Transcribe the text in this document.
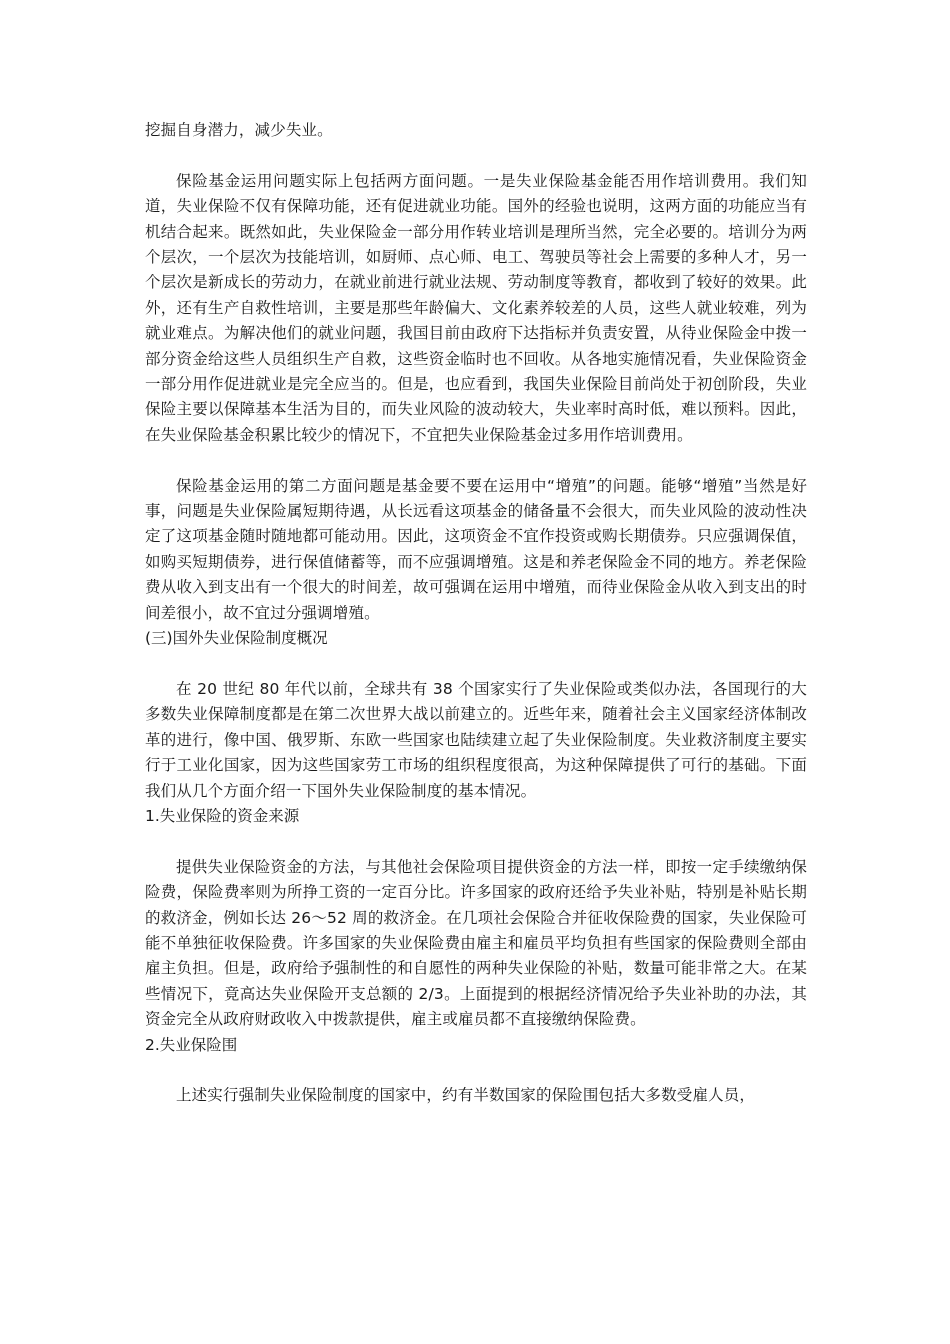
挖掘自身潜力，减少失业。

保险基金运用问题实际上包括两方面问题。一是失业保险基金能否用作培训费用。我们知道，失业保险不仅有保障功能，还有促进就业功能。国外的经验也说明，这两方面的功能应当有机结合起来。既然如此，失业保险金一部分用作转业培训是理所当然，完全必要的。培训分为两个层次，一个层次为技能培训，如厨师、点心师、电工、驾驶员等社会上需要的多种人才，另一个层次是新成长的劳动力，在就业前进行就业法规、劳动制度等教育，都收到了较好的效果。此外，还有生产自救性培训，主要是那些年龄偏大、文化素养较差的人员，这些人就业较难，列为就业难点。为解决他们的就业问题，我国目前由政府下达指标并负责安置，从待业保险金中拨一部分资金给这些人员组织生产自救，这些资金临时也不回收。从各地实施情况看，失业保险资金一部分用作促进就业是完全应当的。但是，也应看到，我国失业保险目前尚处于初创阶段，失业保险主要以保障基本生活为目的，而失业风险的波动较大，失业率时高时低，难以预料。因此，在失业保险基金积累比较少的情况下，不宜把失业保险基金过多用作培训费用。

保险基金运用的第二方面问题是基金要不要在运用中“增殖”的问题。能够“增殖”当然是好事，问题是失业保险属短期待遇，从长远看这项基金的储备量不会很大，而失业风险的波动性决定了这项基金随时随地都可能动用。因此，这项资金不宜作投资或购长期债券。只应强调保值，如购买短期债券，进行保值储蓄等，而不应强调增殖。这是和养老保险金不同的地方。养老保险费从收入到支出有一个很大的时间差，故可强调在运用中增殖，而待业保险金从收入到支出的时间差很小，故不宜过分强调增殖。

(三)国外失业保险制度概况

在 20 世纪 80 年代以前，全球共有 38 个国家实行了失业保险或类似办法，各国现行的大多数失业保障制度都是在第二次世界大战以前建立的。近些年来，随着社会主义国家经济体制改革的进行，像中国、俄罗斯、东欧一些国家也陆续建立起了失业保险制度。失业救济制度主要实行于工业化国家，因为这些国家劳工市场的组织程度很高，为这种保障提供了可行的基础。下面我们从几个方面介绍一下国外失业保险制度的基本情况。

1.失业保险的资金来源

提供失业保险资金的方法，与其他社会保险项目提供资金的方法一样，即按一定手续缴纳保险费，保险费率则为所挣工资的一定百分比。许多国家的政府还给予失业补贴，特别是补贴长期的救济金，例如长达 26～52 周的救济金。在几项社会保险合并征收保险费的国家，失业保险可能不单独征收保险费。许多国家的失业保险费由雇主和雇员平均负担有些国家的保险费则全部由雇主负担。但是，政府给予强制性的和自愿性的两种失业保险的补贴，数量可能非常之大。在某些情况下，竟高达失业保险开支总额的 2/3。上面提到的根据经济情况给予失业补助的办法，其资金完全从政府财政收入中拨款提供，雇主或雇员都不直接缴纳保险费。

2.失业保险围

上述实行强制失业保险制度的国家中，约有半数国家的保险围包括大多数受雇人员，
